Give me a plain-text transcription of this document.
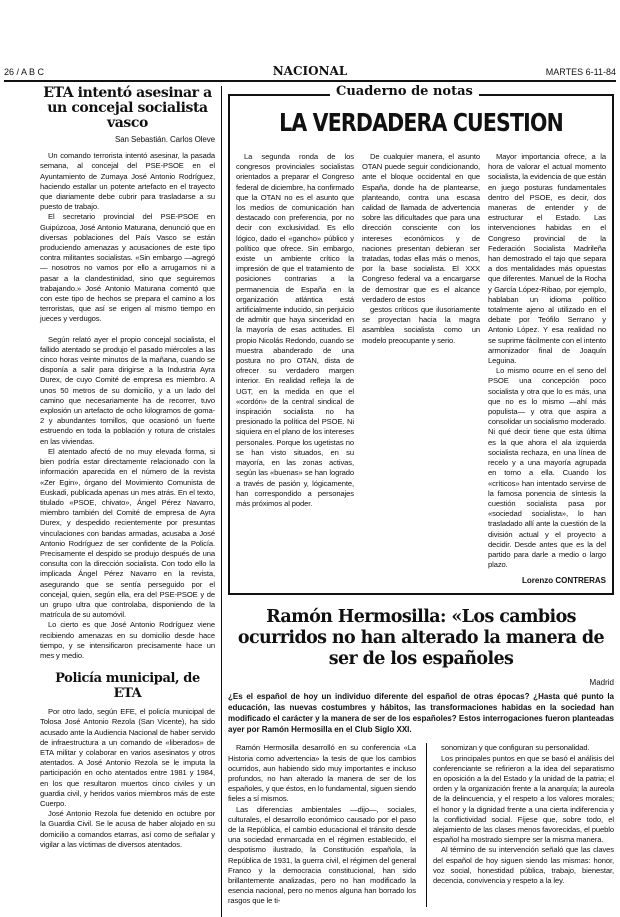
26 / A B C	NACIONAL	MARTES 6-11-84
ETA intentó asesinar a un concejal socialista vasco
San Sebastián. Carlos Oleve

Un comando terrorista intentó asesinar, la pasada semana, al concejal del PSE-PSOE en el Ayuntamiento de Zumaya José Antonio Rodríguez, haciendo estallar un potente artefacto en el trayecto que diariamente debe cubrir para trasladarse a su puesto de trabajo.

El secretario provincial del PSE-PSOE en Guipúzcoa, José Antonio Maturana, denunció que en diversas poblaciones del País Vasco se están produciendo amenazas y acusaciones de este tipo contra militantes socialistas. «Sin embargo —agregó— nosotros no vamos por ello a arrugarnos ni a pasar a la clandestinidad, sino que seguiremos trabajando.» José Antonio Maturana comentó que con este tipo de hechos se prepara el camino a los terroristas, que así se erigen al mismo tiempo en jueces y verdugos.

Según relató ayer el propio concejal socialista, el fallido atentado se produjo el pasado miércoles a las cinco horas veinte minutos de la mañana, cuando se disponía a salir para dirigirse a la Industria Ayra Durex, de cuyo Comité de empresa es miembro. A unos 50 metros de su domicilio, y a un lado del camino que necesariamente ha de recorrer, tuvo explosión un artefacto de ocho kilogramos de goma-2 y abundantes tornillos, que ocasionó un fuerte estruendo en toda la población y rotura de cristales en las viviendas.

El atentado afectó de no muy elevada forma, si bien podría estar directamente relacionado con la información aparecida en el número de la revista «Zer Egin», órgano del Movimiento Comunista de Euskadi, publicada apenas un mes atrás. En el texto, titulado «PSOE, chivato», Ángel Pérez Navarro, miembro también del Comité de empresa de Ayra Durex, y despedido recientemente por presuntas vinculaciones con bandas armadas, acusaba a José Antonio Rodríguez de ser confidente de la Policía. Precisamente el despido se produjo después de una consulta con la dirección socialista. Con todo ello la implicada Ángel Pérez Navarro en la revista, asegurando que se sentía perseguido por el concejal, quien, según ella, era del PSE-PSOE y de un grupo ultra que controlaba, disponiendo de la matrícula de su automóvil.

Lo cierto es que José Antonio Rodríguez viene recibiendo amenazas en su domicilio desde hace tiempo, y se intensificaron precisamente hace un mes y medio.

Policía municipal, de ETA

Por otro lado, según EFE, el policía municipal de Tolosa José Antonio Rezola (San Vicente), ha sido acusado ante la Audiencia Nacional de haber servido de infraestructura a un comando de «liberados» de ETA militar y colaborar en varios asesinatos y otros atentados. A José Antonio Rezola se le imputa la participación en ocho atentados entre 1981 y 1984, en los que resultaron muertos cinco civiles y un guardia civil, y heridos varios miembros más de este Cuerpo.

José Antonio Rezola fue detenido en octubre por la Guardia Civil. Se le acusa de haber alojado en su domicilio a comandos etarras, así como de señalar y vigilar a las víctimas de diversos atentados.

Cuaderno de notas
LA VERDADERA CUESTION

La segunda ronda de los congresos provinciales socialistas orientados a preparar el Congreso federal de diciembre, ha confirmado que la OTAN no es el asunto que los medios de comunicación han destacado con preferencia, por no decir con exclusividad. Es ello lógico, dado el «gancho» público y político que ofrece. Sin embargo, existe un ambiente crítico la impresión de que el tratamiento de posiciones contrarias a la permanencia de España en la organización atlántica está artificialmente inducido, sin perjuicio de admitir que haya sinceridad en la mayoría de esas actitudes. El propio Nicolás Redondo, cuando se muestra abanderado de una postura no pro OTAN, dista de ofrecer su verdadero margen interior. En realidad refleja la de UGT, en la medida en que el «cordón» de la central sindical de inspiración socialista no ha presionado la política del PSOE. Ni siquiera en el plano de los intereses personales. Porque los ugetistas no se han visto situados, en su mayoría, en las zonas activas, según las «buenas» se han logrado a través de pasión y, lógicamente, han correspondido a personajes más próximos al poder.

De cualquier manera, el asunto OTAN puede seguir condicionando, ante el bloque occidental en que España, donde ha de plantearse, planteando, contra una escasa calidad de llamada de advertencia sobre las dificultades que para una dirección consciente con los intereses económicos y de naciones presentan debieran ser tratadas, todas ellas más o menos, por la base socialista. El XXX Congreso federal va a encargarse de demostrar que es el alcance verdadero de estos

gestos críticos que ilusoriamente se proyectan hacia la magra asamblea socialista como un modelo preocupante y serio.

Mayor importancia ofrece, a la hora de valorar el actual momento socialista, la evidencia de que están en juego posturas fundamentales dentro del PSOE, es decir, dos maneras de entender y de estructurar el Estado. Las intervenciones habidas en el Congreso provincial de la Federación Socialista Madrileña han demostrado el tajo que separa a dos mentalidades más opuestas que diferentes. Manuel de la Rocha y García López-Ribao, por ejemplo, hablaban un idioma político totalmente ajeno al utilizado en el debate por Teófilo Serrano y Antonio López. Y esa realidad no se suprime fácilmente con el intento armonizador final de Joaquín Leguina.

Lo mismo ocurre en el seno del PSOE una concepción poco socialista y otra que lo es más, una que no es lo mismo —ahí más populista— y otra que aspira a consolidar un socialismo moderado. Ni qué decir tiene que esta última es la que ahora el ala izquierda socialista rechaza, en una línea de recelo y a una mayoría agrupada en torno a ella. Cuando los «críticos» han intentado servirse de la famosa ponencia de síntesis la cuestión socialista pasa por «sociedad socialista», lo han trasladado allí ante la cuestión de la división actual y el proyecto a decidir. Desde antes que es la del partido para darle a medio o largo plazo.

Lorenzo CONTRERAS
Ramón Hermosilla: «Los cambios ocurridos no han alterado la manera de ser de los españoles
Madrid
¿Es el español de hoy un individuo diferente del español de otras épocas? ¿Hasta qué punto la educación, las nuevas costumbres y hábitos, las transformaciones habidas en la sociedad han modificado el carácter y la manera de ser de los españoles? Estos interrogaciones fueron planteadas ayer por Ramón Hermosilla en el Club Siglo XXI.

Ramón Hermosilla desarrolló en su conferencia «La Historia como advertencia» la tesis de que los cambios ocurridos, aun habiendo sido muy importantes e incluso profundos, no han alterado la manera de ser de los españoles, y que éstos, en lo fundamental, siguen siendo fieles a sí mismos.

Las diferencias ambientales —dijo—, sociales, culturales, el desarrollo económico causado por el paso de la República, el cambio educacional el tránsito desde una sociedad enmarcada en el régimen establecido, el despotismo ilustrado, la Constitución española, la República de 1931, la guerra civil, el régimen del general Franco y la democracia constitucional, han sido brillantemente analizadas, pero no han modificado la esencia nacional, pero no menos alguna han borrado los rasgos que le ti-

sonomizan y que configuran su personalidad.

Los principales puntos en que se basó el análisis del conferenciante se refirieron a la idea del separatismo en oposición a la del Estado y la unidad de la patria; el orden y la organización frente a la anarquía; la aureola de la delincuencia, y el respeto a los valores morales; el honor y la dignidad frente a una cierta indiferencia y la conflictividad social. Fíjese que, sobre todo, el alejamiento de las clases menos favorecidas, el pueblo español ha mostrado siempre ser la misma manera.

Al término de su intervención señaló que las claves del español de hoy siguen siendo las mismas: honor, voz social, honestidad pública, trabajo, bienestar, decencia, convivencia y respeto a la ley.
